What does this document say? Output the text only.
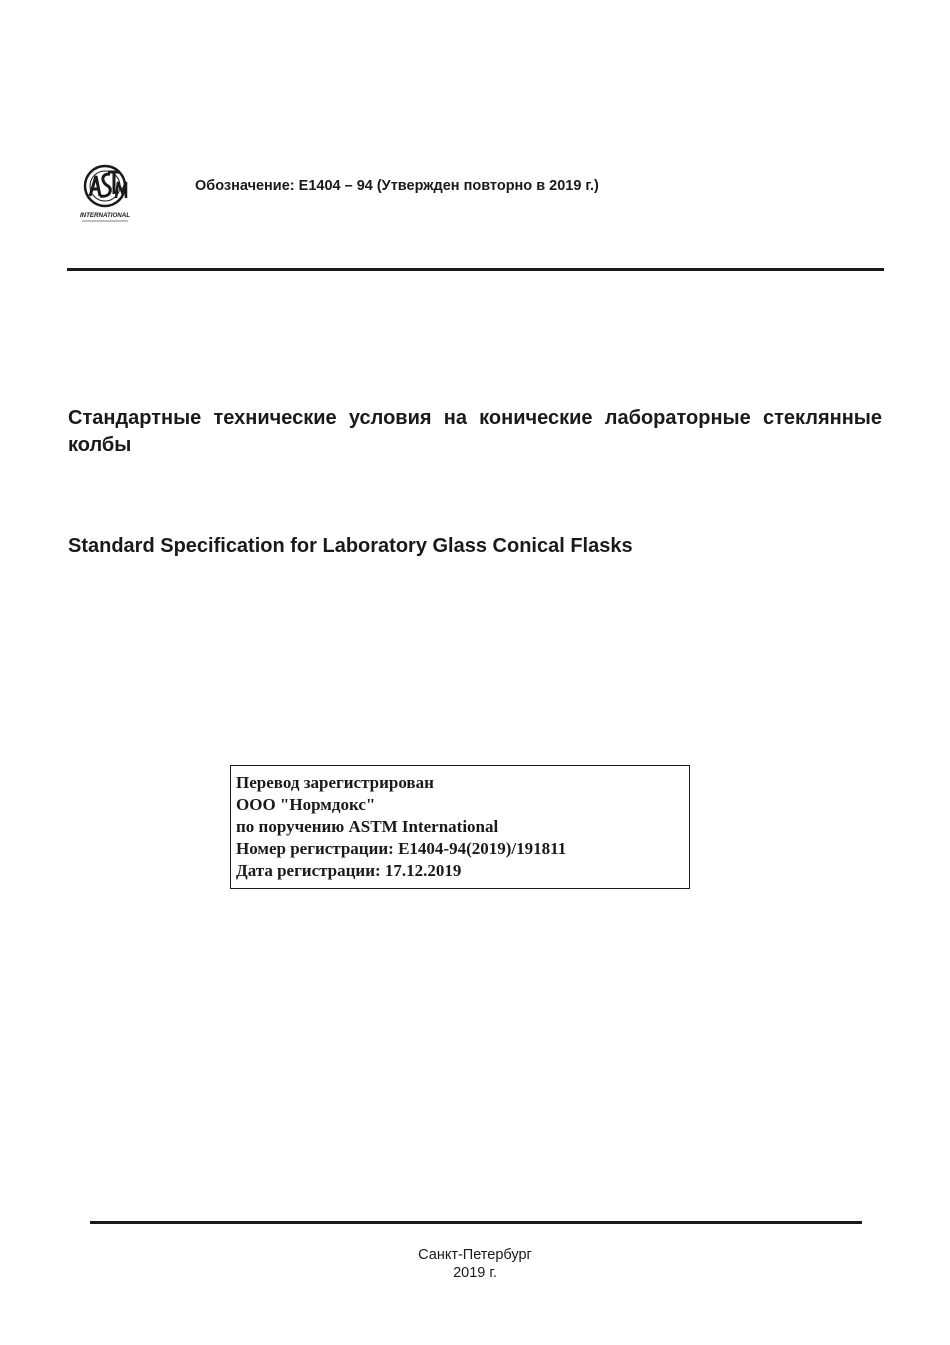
INTERNATIONAL
Обозначение: E1404 – 94 (Утвержден повторно в 2019 г.)
Стандартные технические условия на конические лабораторные стеклянные колбы
Standard Specification for Laboratory Glass Conical Flasks
Перевод зарегистрирован
ООО "Нормдокс"
по поручению ASTM International
Номер регистрации: E1404-94(2019)/191811
Дата регистрации: 17.12.2019
Санкт-Петербург
2019 г.
